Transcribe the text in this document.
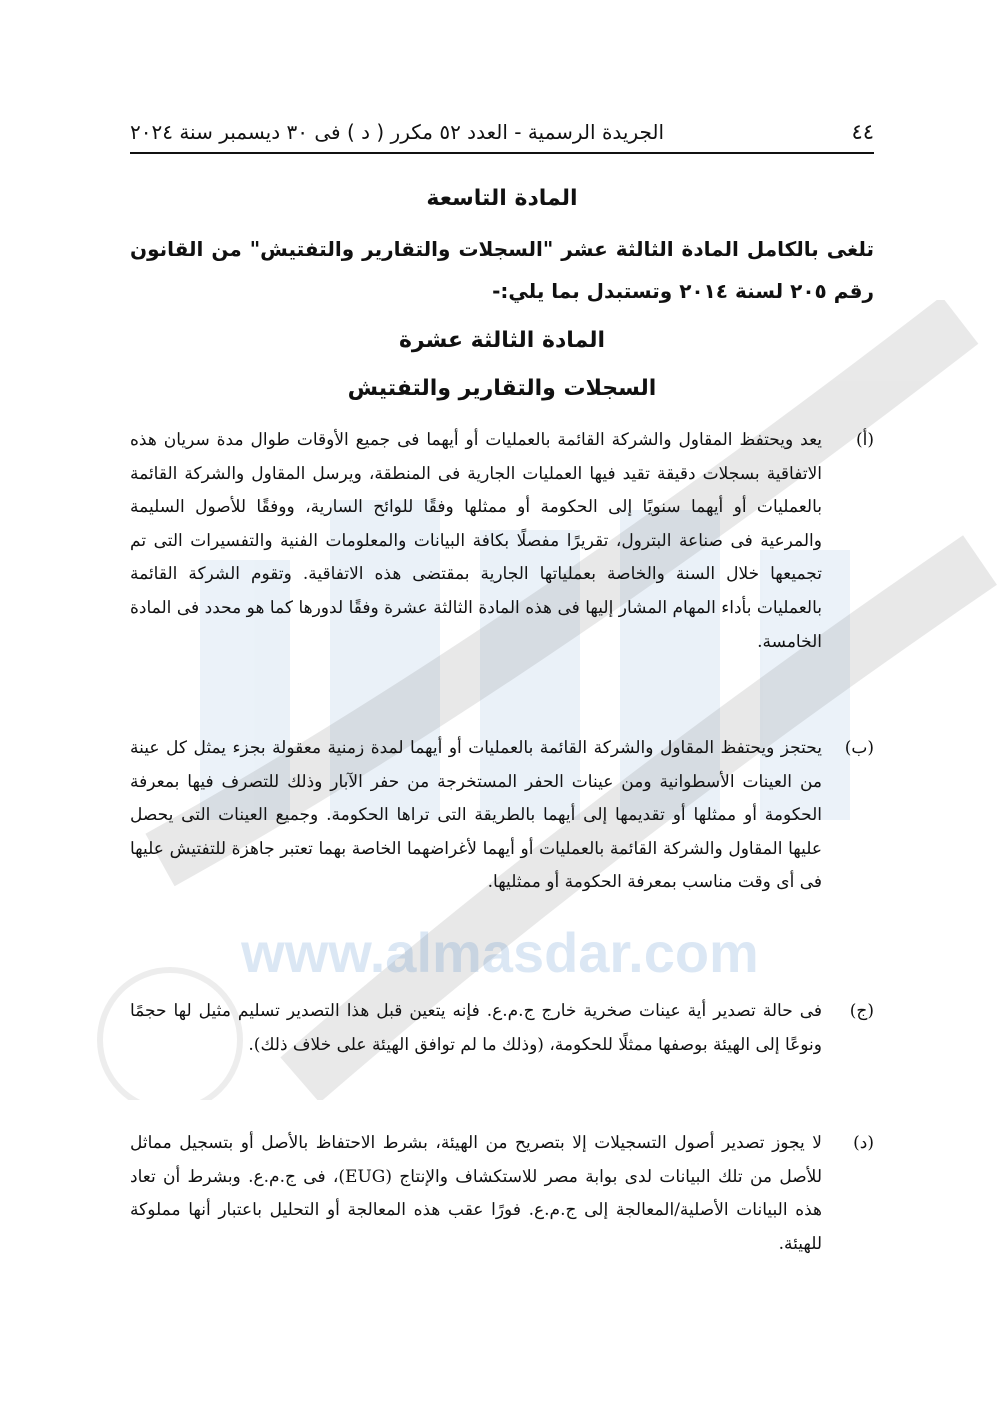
www.almasdar.com
٤٤
الجريدة الرسمية - العدد ٥٢ مكرر ( د ) فى ٣٠ ديسمبر سنة ٢٠٢٤
المادة التاسعة
تلغى بالكامل المادة الثالثة عشر "السجلات والتقارير والتفتيش" من القانون رقم ٢٠٥ لسنة ٢٠١٤ وتستبدل بما يلي:-
المادة الثالثة عشرة
السجلات والتقارير والتفتيش
(أ)
يعد ويحتفظ المقاول والشركة القائمة بالعمليات أو أيهما فى جميع الأوقات طوال مدة سريان هذه الاتفاقية بسجلات دقيقة تقيد فيها العمليات الجارية فى المنطقة، ويرسل المقاول والشركة القائمة بالعمليات أو أيهما سنويًا إلى الحكومة أو ممثلها وفقًا للوائح السارية، ووفقًا للأصول السليمة والمرعية فى صناعة البترول، تقريرًا مفصلًا بكافة البيانات والمعلومات الفنية والتفسيرات التى تم تجميعها خلال السنة والخاصة بعملياتها الجارية بمقتضى هذه الاتفاقية. وتقوم الشركة القائمة بالعمليات بأداء المهام المشار إليها فى هذه المادة الثالثة عشرة وفقًا لدورها كما هو محدد فى المادة الخامسة.
(ب)
يحتجز ويحتفظ المقاول والشركة القائمة بالعمليات أو أيهما لمدة زمنية معقولة بجزء يمثل كل عينة من العينات الأسطوانية ومن عينات الحفر المستخرجة من حفر الآبار وذلك للتصرف فيها بمعرفة الحكومة أو ممثلها أو تقديمها إلى أيهما بالطريقة التى تراها الحكومة. وجميع العينات التى يحصل عليها المقاول والشركة القائمة بالعمليات أو أيهما لأغراضهما الخاصة بهما تعتبر جاهزة للتفتيش عليها فى أى وقت مناسب بمعرفة الحكومة أو ممثليها.
(ج)
فى حالة تصدير أية عينات صخرية خارج ج.م.ع. فإنه يتعين قبل هذا التصدير تسليم مثيل لها حجمًا ونوعًا إلى الهيئة بوصفها ممثلًا للحكومة، (وذلك ما لم توافق الهيئة على خلاف ذلك).
(د)
لا يجوز تصدير أصول التسجيلات إلا بتصريح من الهيئة، بشرط الاحتفاظ بالأصل أو بتسجيل مماثل للأصل من تلك البيانات لدى بوابة مصر للاستكشاف والإنتاج (EUG)، فى ج.م.ع. وبشرط أن تعاد هذه البيانات الأصلية/المعالجة إلى ج.م.ع. فورًا عقب هذه المعالجة أو التحليل باعتبار أنها مملوكة للهيئة.
